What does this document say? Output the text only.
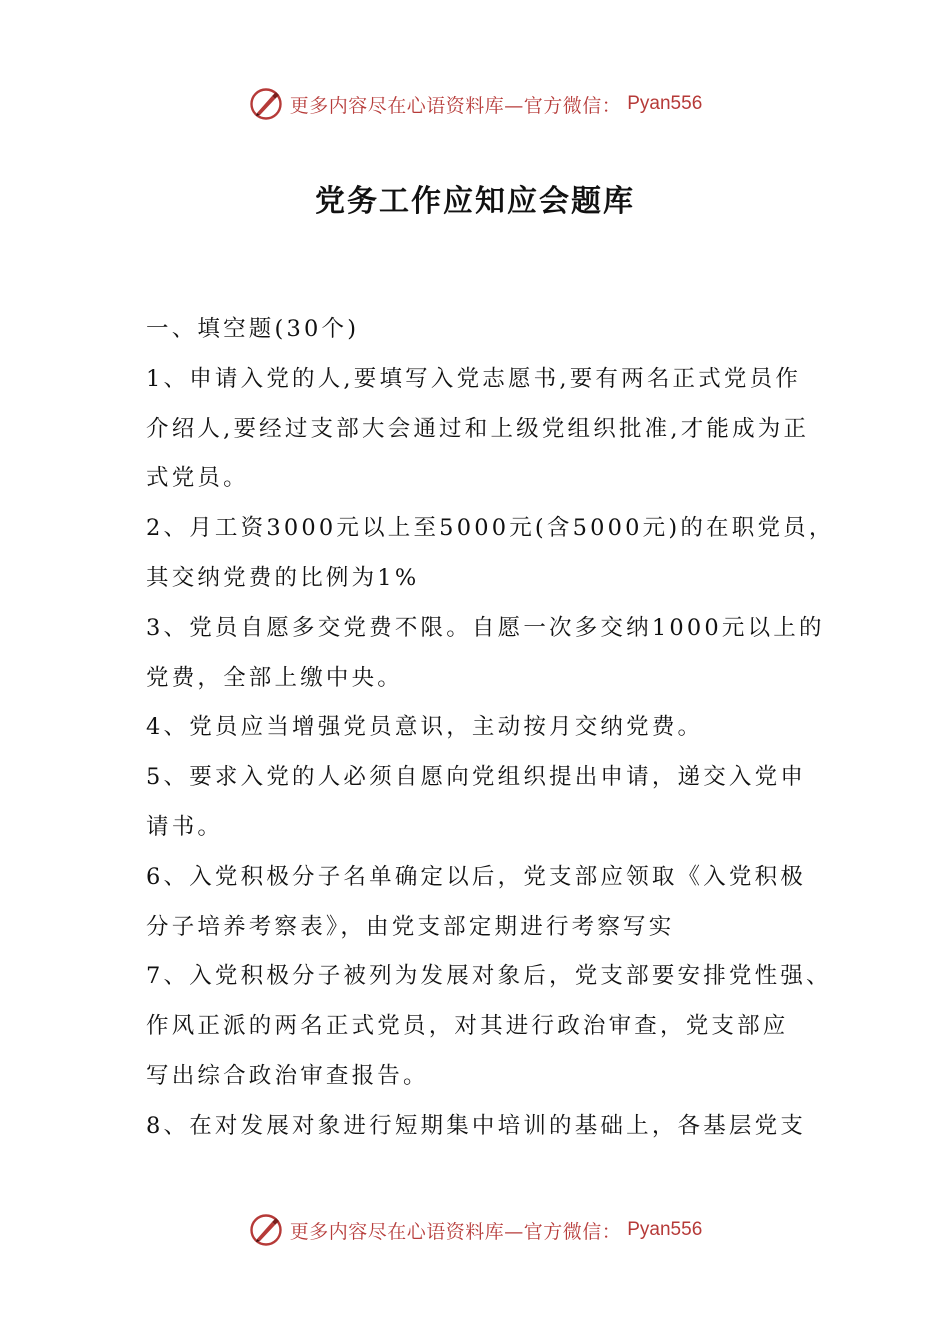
更多内容尽在心语资料库—官方微信： Pyan556
党务工作应知应会题库

一、填空题(30个)

1、申请入党的人,要填写入党志愿书,要有两名正式党员作

介绍人,要经过支部大会通过和上级党组织批准,才能成为正

式党员。

2、月工资3000元以上至5000元(含5000元)的在职党员，

其交纳党费的比例为1%

3、党员自愿多交党费不限。自愿一次多交纳1000元以上的

党费，全部上缴中央。

4、党员应当增强党员意识，主动按月交纳党费。

5、要求入党的人必须自愿向党组织提出申请，递交入党申

请书。

6、入党积极分子名单确定以后，党支部应领取《入党积极

分子培养考察表》，由党支部定期进行考察写实

7、入党积极分子被列为发展对象后，党支部要安排党性强、

作风正派的两名正式党员，对其进行政治审查，党支部应

写出综合政治审查报告。

8、在对发展对象进行短期集中培训的基础上，各基层党支

更多内容尽在心语资料库—官方微信： Pyan556
